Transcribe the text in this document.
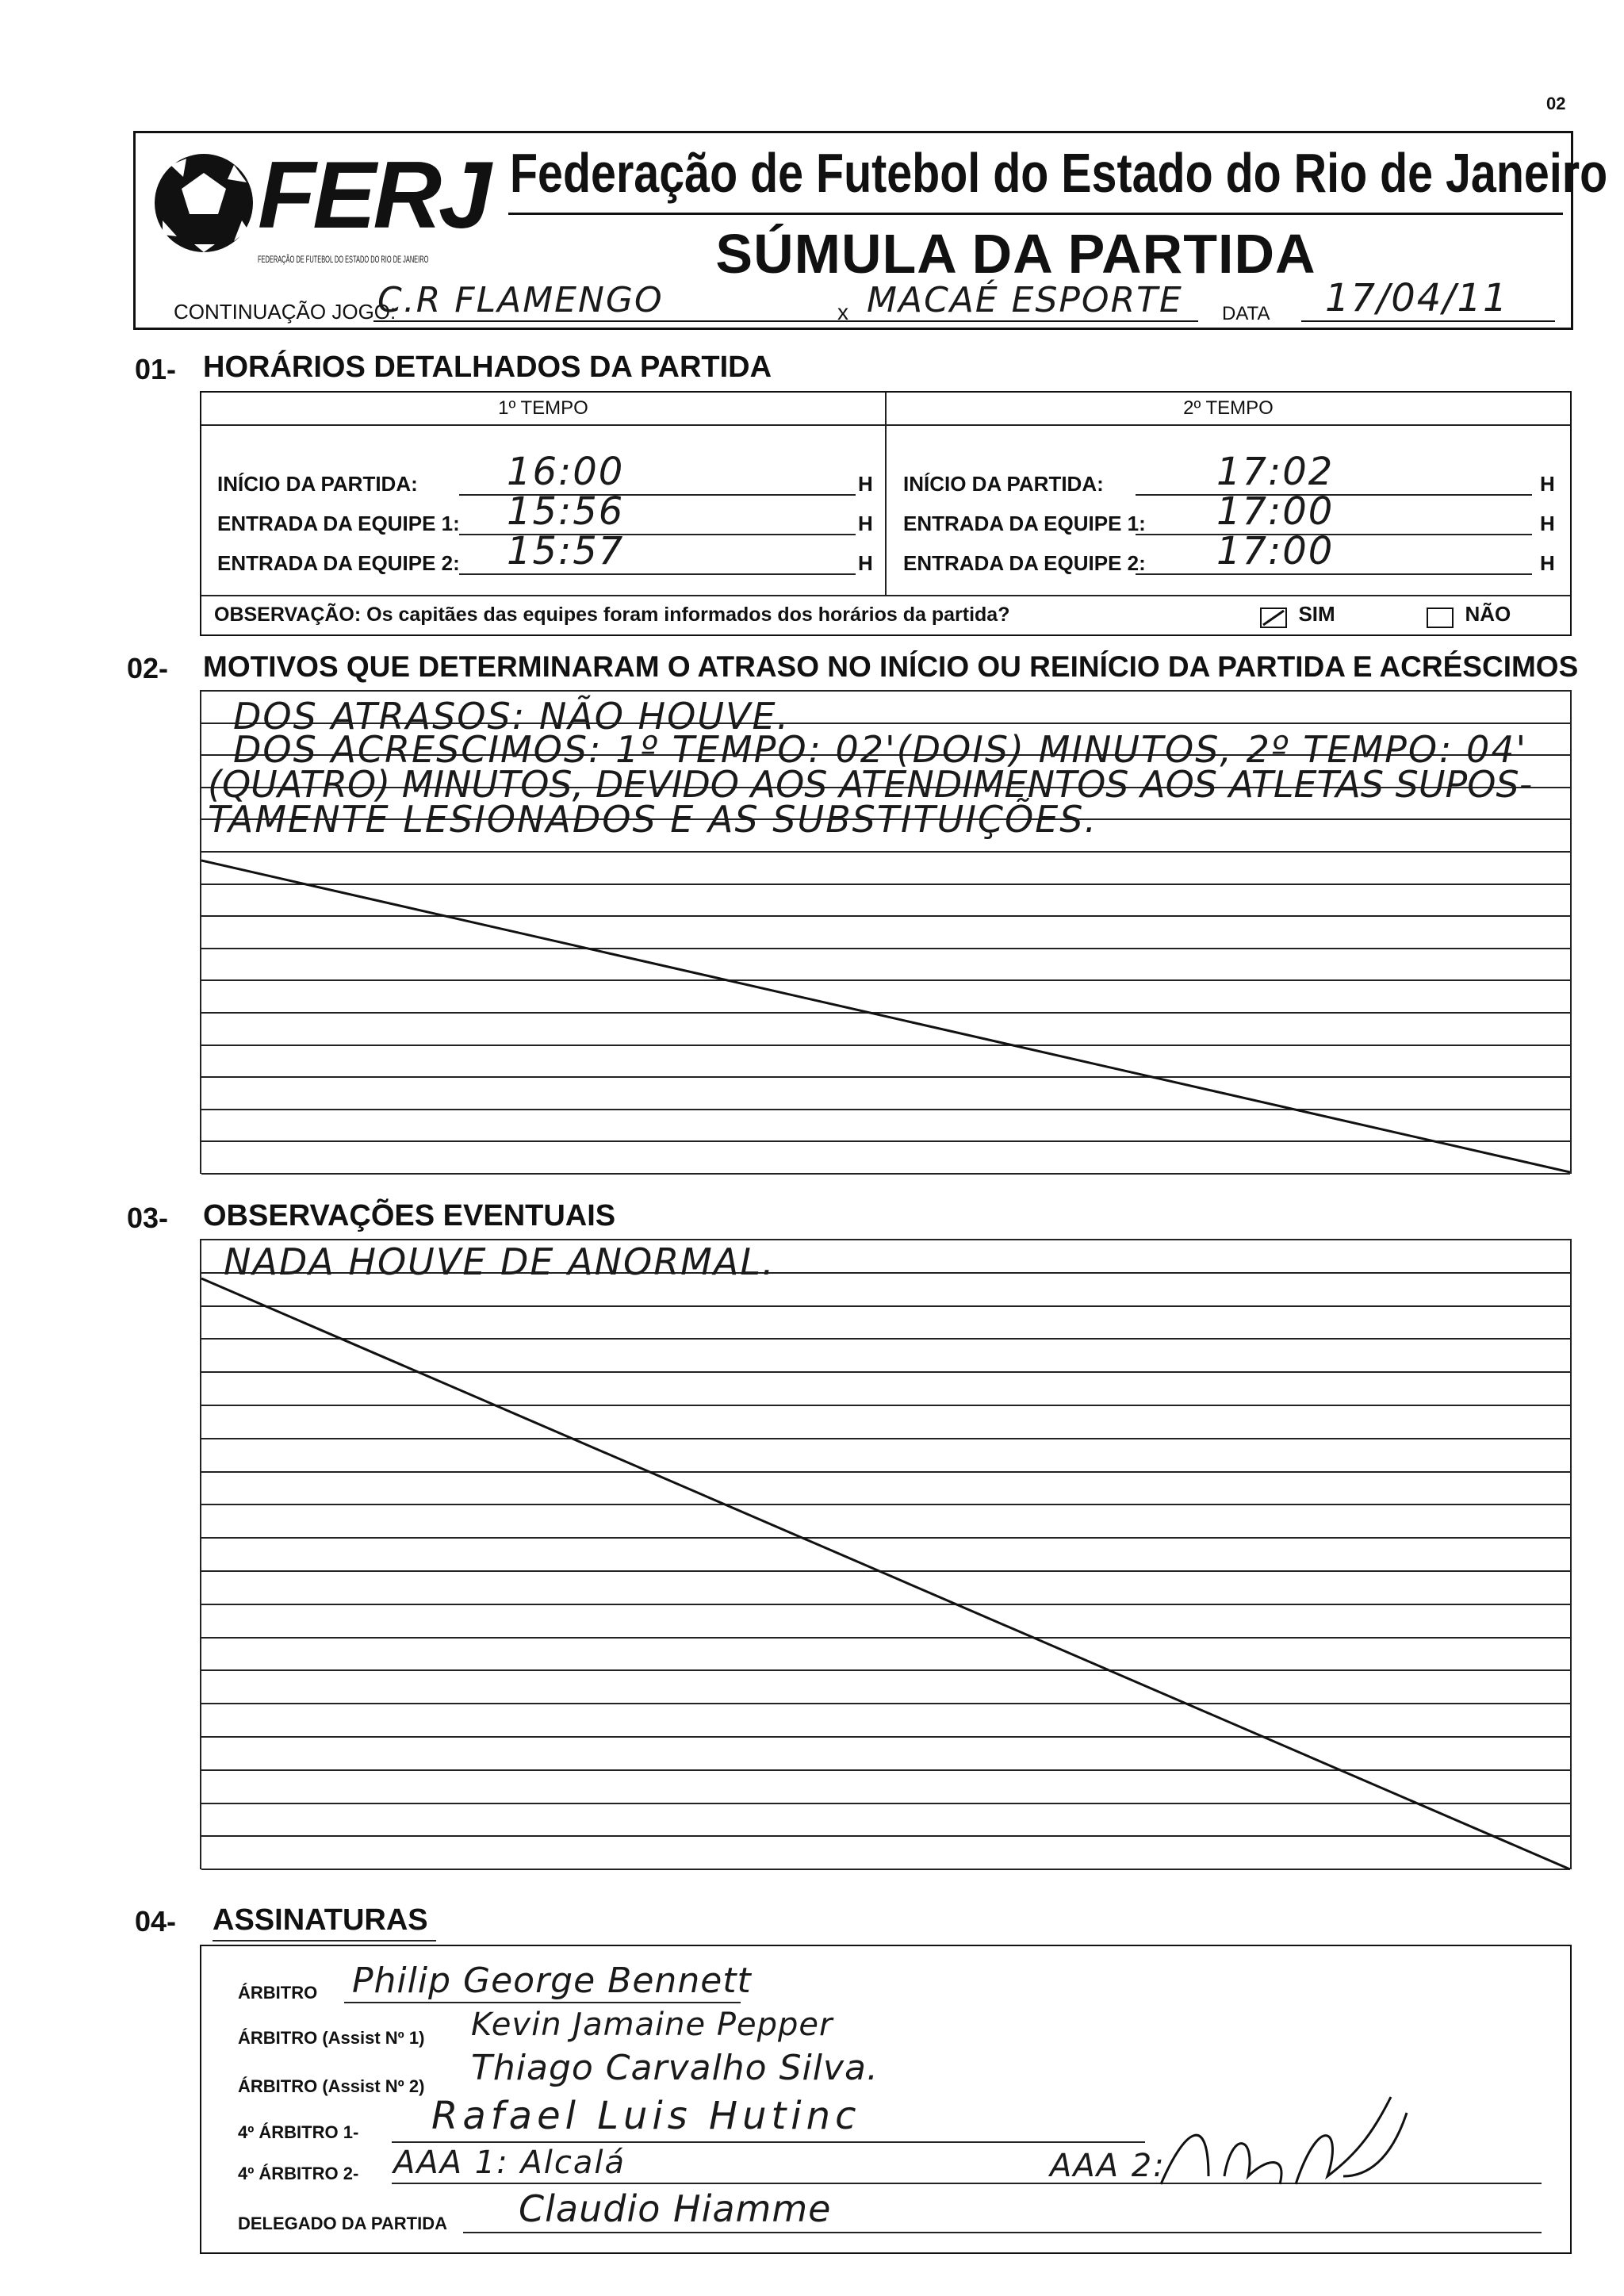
02
FERJ
FEDERAÇÃO DE FUTEBOL DO ESTADO DO RIO DE JANEIRO
Federação de Futebol do Estado do Rio de Janeiro
SÚMULA DA PARTIDA
CONTINUAÇÃO JOGO:
C.R FLAMENGO	x MACAÉ ESPORTE DATA 17/04/11
01- HORÁRIOS DETALHADOS DA PARTIDA
1º TEMPO	2º TEMPO
INÍCIO DA PARTIDA: 16:00	H
ENTRADA DA EQUIPE 1: 15:56	H
ENTRADA DA EQUIPE 2: 15:57	H
INÍCIO DA PARTIDA:	17:02	H
ENTRADA DA EQUIPE 1: 17:00	H
ENTRADA DA EQUIPE 2: 17:00	H
OBSERVAÇÃO: Os capitães das equipes foram informados dos horários da partida?	SIM	NÃO
02- MOTIVOS QUE DETERMINARAM O ATRASO NO INÍCIO OU REINÍCIO DA PARTIDA E ACRÉSCIMOS
DOS ATRASOS: NÃO HOUVE.
DOS ACRESCIMOS: 1º TEMPO: 02'(DOIS) MINUTOS, 2º TEMPO: 04'
(QUATRO) MINUTOS, DEVIDO AOS ATENDIMENTOS AOS ATLETAS SUPOS-
TAMENTE LESIONADOS E AS SUBSTITUIÇÕES.
03- OBSERVAÇÕES EVENTUAIS
NADA HOUVE DE ANORMAL.
04- ASSINATURAS
ÁRBITRO Philip George Bennett
ÁRBITRO (Assist Nº 1) Kevin Jamaine Pepper
ÁRBITRO (Assist Nº 2) Thiago Carvalho Silva.
4º ÁRBITRO 1- Rafael Luis Hutinc
4º ÁRBITRO 2- AAA 1: Alcalá	AAA 2:
DELEGADO DA PARTIDA Claudio Hiamme
